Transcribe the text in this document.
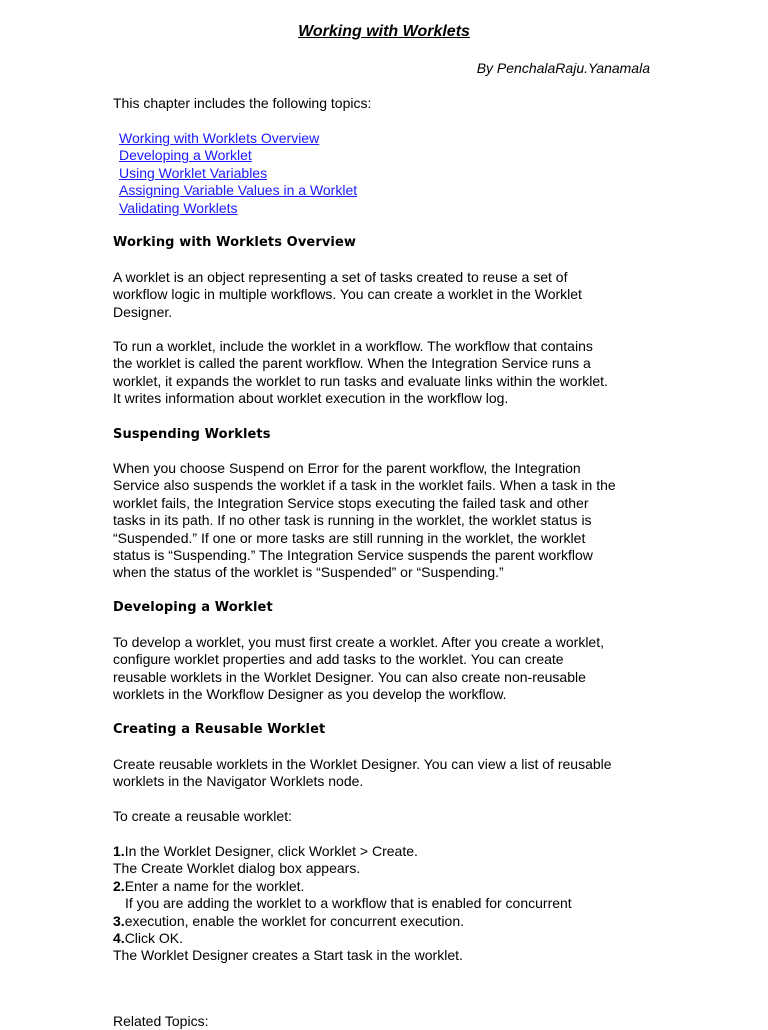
Working with Worklets
By PenchalaRaju.Yanamala
This chapter includes the following topics:
Working with Worklets Overview
Developing a Worklet
Using Worklet Variables
Assigning Variable Values in a Worklet
Validating Worklets
Working with Worklets Overview
A worklet is an object representing a set of tasks created to reuse a set of
workflow logic in multiple workflows. You can create a worklet in the Worklet
Designer.
To run a worklet, include the worklet in a workflow. The workflow that contains
the worklet is called the parent workflow. When the Integration Service runs a
worklet, it expands the worklet to run tasks and evaluate links within the worklet.
It writes information about worklet execution in the workflow log.
Suspending Worklets
When you choose Suspend on Error for the parent workflow, the Integration
Service also suspends the worklet if a task in the worklet fails. When a task in the
worklet fails, the Integration Service stops executing the failed task and other
tasks in its path. If no other task is running in the worklet, the worklet status is
“Suspended.” If one or more tasks are still running in the worklet, the worklet
status is “Suspending.” The Integration Service suspends the parent workflow
when the status of the worklet is “Suspended” or “Suspending.”
Developing a Worklet
To develop a worklet, you must first create a worklet. After you create a worklet,
configure worklet properties and add tasks to the worklet. You can create
reusable worklets in the Worklet Designer. You can also create non-reusable
worklets in the Workflow Designer as you develop the workflow.
Creating a Reusable Worklet
Create reusable worklets in the Worklet Designer. You can view a list of reusable
worklets in the Navigator Worklets node.
To create a reusable worklet:
1.In the Worklet Designer, click Worklet > Create.
The Create Worklet dialog box appears.
2.Enter a name for the worklet.
If you are adding the worklet to a workflow that is enabled for concurrent
3.execution, enable the worklet for concurrent execution.
4.Click OK.
The Worklet Designer creates a Start task in the worklet.
Related Topics:
